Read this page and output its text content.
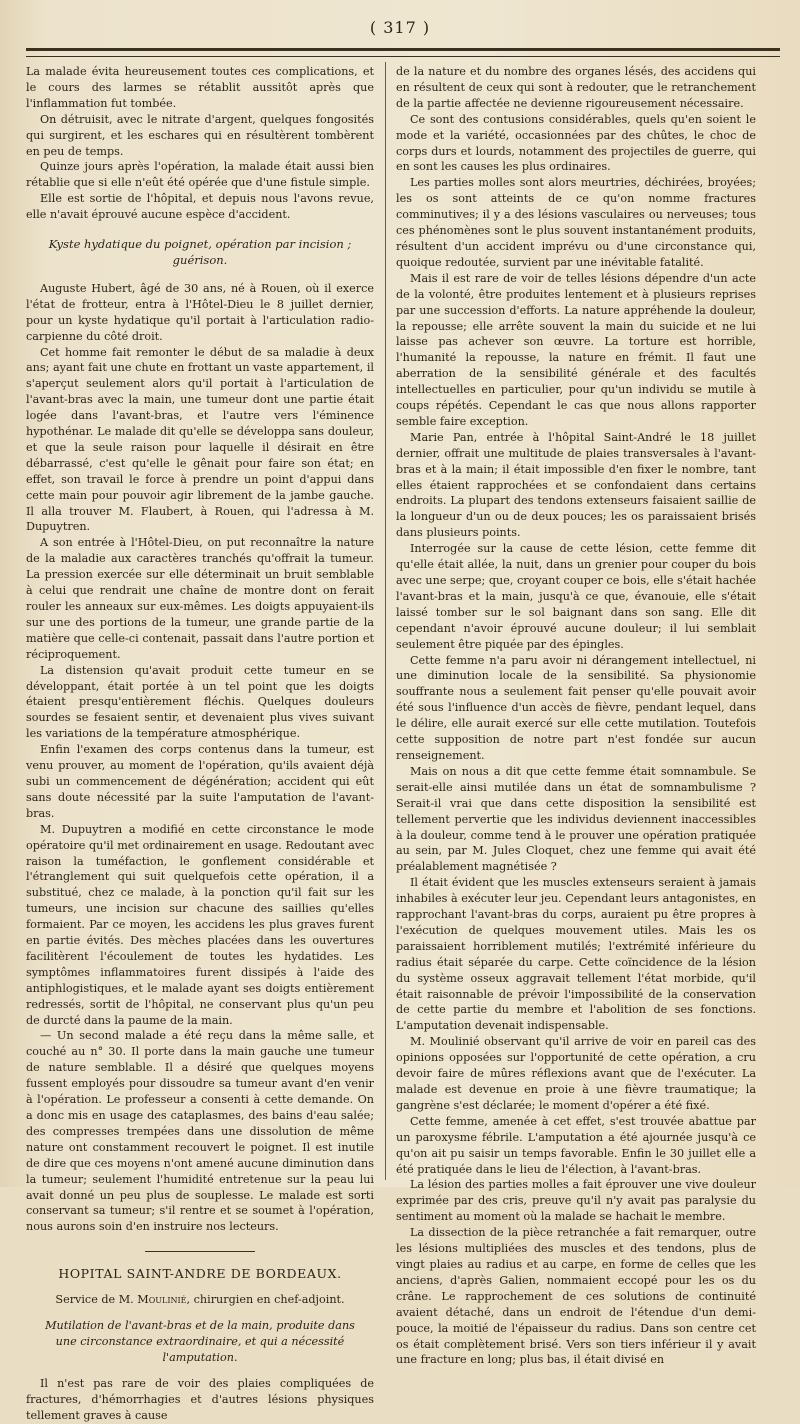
( 317 )

La malade évita heureusement toutes ces complications, et le cours des larmes se rétablit aussitôt après que l'inflammation fut tombée.

On détruisit, avec le nitrate d'argent, quelques fongosités qui surgirent, et les eschares qui en résultèrent tombèrent en peu de temps.

Quinze jours après l'opération, la malade était aussi bien rétablie que si elle n'eût été opérée que d'une fistule simple.

Elle est sortie de l'hôpital, et depuis nous l'avons revue, elle n'avait éprouvé aucune espèce d'accident.

Kyste hydatique du poignet, opération par incision ; guérison.

Auguste Hubert, âgé de 30 ans, né à Rouen, où il exerce l'état de frotteur, entra à l'Hôtel-Dieu le 8 juillet dernier, pour un kyste hydatique qu'il portait à l'articulation radio-carpienne du côté droit.

Cet homme fait remonter le début de sa maladie à deux ans; ayant fait une chute en frottant un vaste appartement, il s'aperçut seulement alors qu'il portait à l'articulation de l'avant-bras avec la main, une tumeur dont une partie était logée dans l'avant-bras, et l'autre vers l'éminence hypothénar. Le malade dit qu'elle se développa sans douleur, et que la seule raison pour laquelle il désirait en être débarrassé, c'est qu'elle le gênait pour faire son état; en effet, son travail le force à prendre un point d'appui dans cette main pour pouvoir agir librement de la jambe gauche. Il alla trouver M. Flaubert, à Rouen, qui l'adressa à M. Dupuytren.

A son entrée à l'Hôtel-Dieu, on put reconnaître la nature de la maladie aux caractères tranchés qu'offrait la tumeur. La pression exercée sur elle déterminait un bruit semblable à celui que rendrait une chaîne de montre dont on ferait rouler les anneaux sur eux-mêmes. Les doigts appuyaient-ils sur une des portions de la tumeur, une grande partie de la matière que celle-ci contenait, passait dans l'autre portion et réciproquement.

La distension qu'avait produit cette tumeur en se développant, était portée à un tel point que les doigts étaient presqu'entièrement fléchis. Quelques douleurs sourdes se fesaient sentir, et devenaient plus vives suivant les variations de la température atmosphérique.

Enfin l'examen des corps contenus dans la tumeur, est venu prouver, au moment de l'opération, qu'ils avaient déjà subi un commencement de dégénération; accident qui eût sans doute nécessité par la suite l'amputation de l'avant-bras.

M. Dupuytren a modifié en cette circonstance le mode opératoire qu'il met ordinairement en usage. Redoutant avec raison la tuméfaction, le gonflement considérable et l'étranglement qui suit quelquefois cette opération, il a substitué, chez ce malade, à la ponction qu'il fait sur les tumeurs, une incision sur chacune des saillies qu'elles formaient. Par ce moyen, les accidens les plus graves furent en partie évités. Des mèches placées dans les ouvertures facilitèrent l'écoulement de toutes les hydatides. Les symptômes inflammatoires furent dissipés à l'aide des antiphlogistiques, et le malade ayant ses doigts entièrement redressés, sortit de l'hôpital, ne conservant plus qu'un peu de durcté dans la paume de la main.

— Un second malade a été reçu dans la même salle, et couché au n° 30. Il porte dans la main gauche une tumeur de nature semblable. Il a désiré que quelques moyens fussent employés pour dissoudre sa tumeur avant d'en venir à l'opération. Le professeur a consenti à cette demande. On a donc mis en usage des cataplasmes, des bains d'eau salée; des compresses trempées dans une dissolution de même nature ont constamment recouvert le poignet. Il est inutile de dire que ces moyens n'ont amené aucune diminution dans la tumeur; seulement l'humidité entretenue sur la peau lui avait donné un peu plus de souplesse. Le malade est sorti conservant sa tumeur; s'il rentre et se soumet à l'opération, nous aurons soin d'en instruire nos lecteurs.

HOPITAL SAINT-ANDRE DE BORDEAUX.

Service de M. Moulinié, chirurgien en chef-adjoint.

Mutilation de l'avant-bras et de la main, produite dans une circonstance extraordinaire, et qui a nécessité l'amputation.

Il n'est pas rare de voir des plaies compliquées de fractures, d'hémorrhagies et d'autres lésions physiques tellement graves à cause

de la nature et du nombre des organes lésés, des accidens qui en résultent de ceux qui sont à redouter, que le retranchement de la partie affectée ne devienne rigoureusement nécessaire.

Ce sont des contusions considérables, quels qu'en soient le mode et la variété, occasionnées par des chûtes, le choc de corps durs et lourds, notamment des projectiles de guerre, qui en sont les causes les plus ordinaires.

Les parties molles sont alors meurtries, déchirées, broyées; les os sont atteints de ce qu'on nomme fractures comminutives; il y a des lésions vasculaires ou nerveuses; tous ces phénomènes sont le plus souvent instantanément produits, résultent d'un accident imprévu ou d'une circonstance qui, quoique redoutée, survient par une inévitable fatalité.

Mais il est rare de voir de telles lésions dépendre d'un acte de la volonté, être produites lentement et à plusieurs reprises par une succession d'efforts. La nature appréhende la douleur, la repousse; elle arrête souvent la main du suicide et ne lui laisse pas achever son œuvre. La torture est horrible, l'humanité la repousse, la nature en frémit. Il faut une aberration de la sensibilité générale et des facultés intellectuelles en particulier, pour qu'un individu se mutile à coups répétés. Cependant le cas que nous allons rapporter semble faire exception.

Marie Pan, entrée à l'hôpital Saint-André le 18 juillet dernier, offrait une multitude de plaies transversales à l'avant-bras et à la main; il était impossible d'en fixer le nombre, tant elles étaient rapprochées et se confondaient dans certains endroits. La plupart des tendons extenseurs faisaient saillie de la longueur d'un ou de deux pouces; les os paraissaient brisés dans plusieurs points.

Interrogée sur la cause de cette lésion, cette femme dit qu'elle était allée, la nuit, dans un grenier pour couper du bois avec une serpe; que, croyant couper ce bois, elle s'était hachée l'avant-bras et la main, jusqu'à ce que, évanouie, elle s'était laissé tomber sur le sol baignant dans son sang. Elle dit cependant n'avoir éprouvé aucune douleur; il lui semblait seulement être piquée par des épingles.

Cette femme n'a paru avoir ni dérangement intellectuel, ni une diminution locale de la sensibilité. Sa physionomie souffrante nous a seulement fait penser qu'elle pouvait avoir été sous l'influence d'un accès de fièvre, pendant lequel, dans le délire, elle aurait exercé sur elle cette mutilation. Toutefois cette supposition de notre part n'est fondée sur aucun renseignement.

Mais on nous a dit que cette femme était somnambule. Se serait-elle ainsi mutilée dans un état de somnambulisme ? Serait-il vrai que dans cette disposition la sensibilité est tellement pervertie que les individus deviennent inaccessibles à la douleur, comme tend à le prouver une opération pratiquée au sein, par M. Jules Cloquet, chez une femme qui avait été préalablement magnétisée ?

Il était évident que les muscles extenseurs seraient à jamais inhabiles à exécuter leur jeu. Cependant leurs antagonistes, en rapprochant l'avant-bras du corps, auraient pu être propres à l'exécution de quelques mouvement utiles. Mais les os paraissaient horriblement mutilés; l'extrémité inférieure du radius était séparée du carpe. Cette coïncidence de la lésion du système osseux aggravait tellement l'état morbide, qu'il était raisonnable de prévoir l'impossibilité de la conservation de cette partie du membre et l'abolition de ses fonctions. L'amputation devenait indispensable.

M. Moulinié observant qu'il arrive de voir en pareil cas des opinions opposées sur l'opportunité de cette opération, a cru devoir faire de mûres réflexions avant que de l'exécuter. La malade est devenue en proie à une fièvre traumatique; la gangrène s'est déclarée; le moment d'opérer a été fixé.

Cette femme, amenée à cet effet, s'est trouvée abattue par un paroxysme fébrile. L'amputation a été ajournée jusqu'à ce qu'on ait pu saisir un temps favorable. Enfin le 30 juillet elle a été pratiquée dans le lieu de l'élection, à l'avant-bras.

La lésion des parties molles a fait éprouver une vive douleur exprimée par des cris, preuve qu'il n'y avait pas paralysie du sentiment au moment où la malade se hachait le membre.

La dissection de la pièce retranchée a fait remarquer, outre les lésions multipliées des muscles et des tendons, plus de vingt plaies au radius et au carpe, en forme de celles que les anciens, d'après Galien, nommaient eccopé pour les os du crâne. Le rapprochement de ces solutions de continuité avaient détaché, dans un endroit de l'étendue d'un demi-pouce, la moitié de l'épaisseur du radius. Dans son centre cet os était complètement brisé. Vers son tiers inférieur il y avait une fracture en long; plus bas, il était divisé en
